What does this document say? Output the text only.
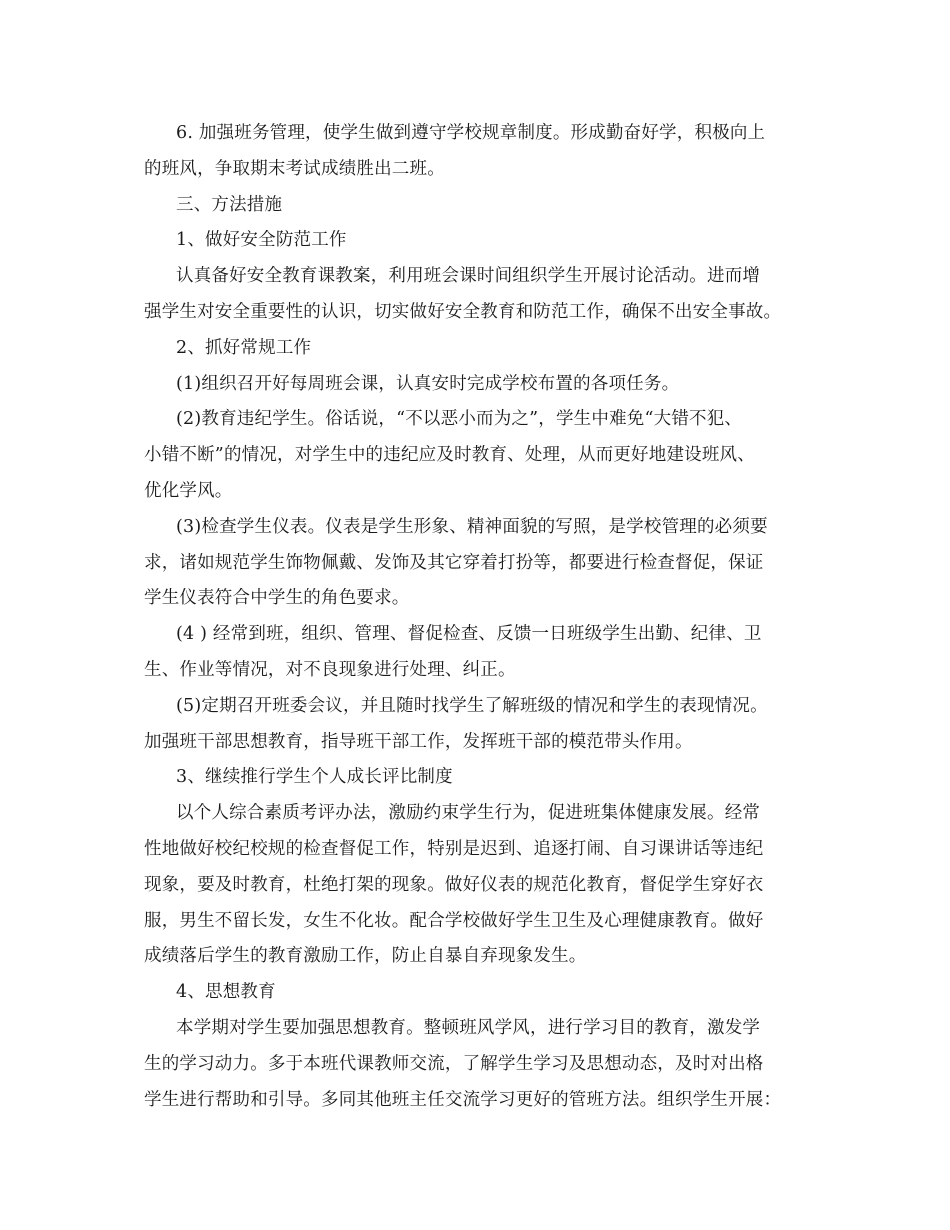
6. 加强班务管理，使学生做到遵守学校规章制度。形成勤奋好学，积极向上
的班风，争取期末考试成绩胜出二班。
三、方法措施
1、做好安全防范工作
认真备好安全教育课教案，利用班会课时间组织学生开展讨论活动。进而增
强学生对安全重要性的认识，切实做好安全教育和防范工作，确保不出安全事故。
2、抓好常规工作
(1)组织召开好每周班会课，认真安时完成学校布置的各项任务。
(2)教育违纪学生。俗话说，“不以恶小而为之”，学生中难免“大错不犯、
小错不断”的情况，对学生中的违纪应及时教育、处理，从而更好地建设班风、
优化学风。
(3)检查学生仪表。仪表是学生形象、精神面貌的写照，是学校管理的必须要
求，诸如规范学生饰物佩戴、发饰及其它穿着打扮等，都要进行检查督促，保证
学生仪表符合中学生的角色要求。
(4 ) 经常到班，组织、管理、督促检查、反馈一日班级学生出勤、纪律、卫
生、作业等情况，对不良现象进行处理、纠正。
(5)定期召开班委会议，并且随时找学生了解班级的情况和学生的表现情况。
加强班干部思想教育，指导班干部工作，发挥班干部的模范带头作用。
3、继续推行学生个人成长评比制度
以个人综合素质考评办法，激励约束学生行为，促进班集体健康发展。经常
性地做好校纪校规的检查督促工作，特别是迟到、追逐打闹、自习课讲话等违纪
现象，要及时教育，杜绝打架的现象。做好仪表的规范化教育，督促学生穿好衣
服，男生不留长发，女生不化妆。配合学校做好学生卫生及心理健康教育。做好
成绩落后学生的教育激励工作，防止自暴自弃现象发生。
4、思想教育
本学期对学生要加强思想教育。整顿班风学风，进行学习目的教育，激发学
生的学习动力。多于本班代课教师交流，了解学生学习及思想动态，及时对出格
学生进行帮助和引导。多同其他班主任交流学习更好的管班方法。组织学生开展：
